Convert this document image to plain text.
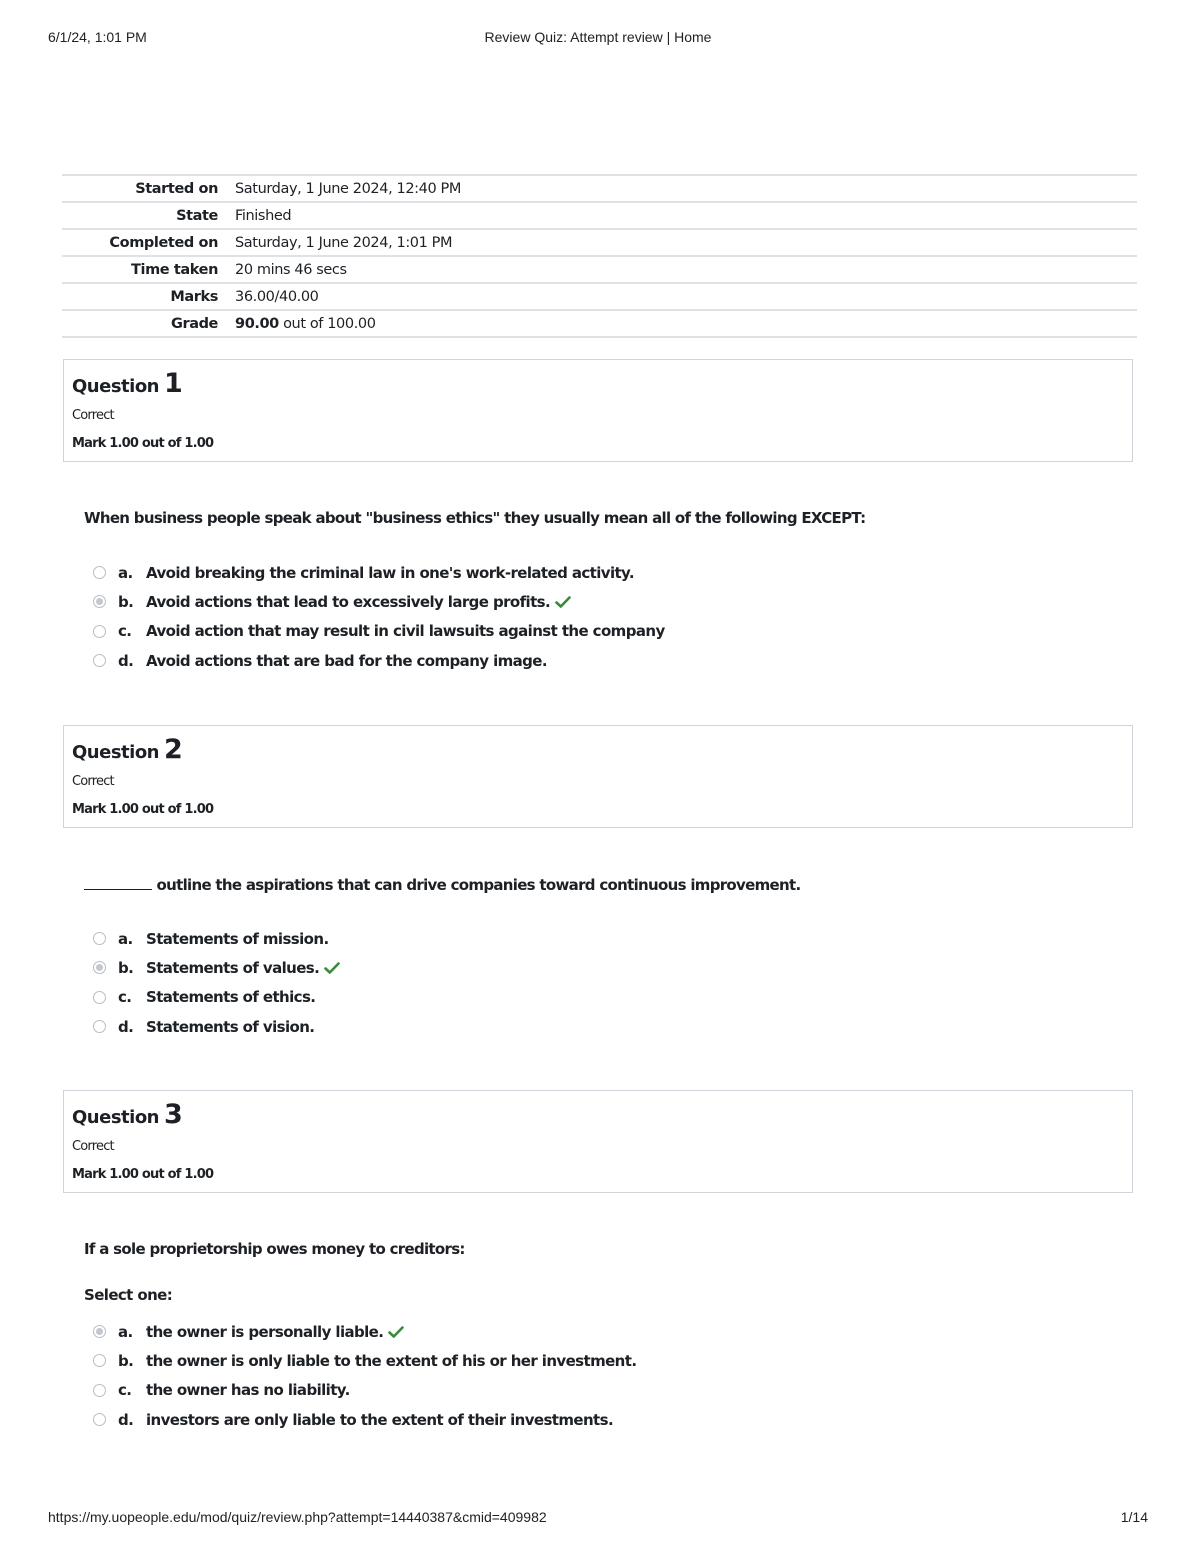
6/1/24, 1:01 PM	Review Quiz: Attempt review | Home
Started on	Saturday, 1 June 2024, 12:40 PM
State	Finished
Completed on	Saturday, 1 June 2024, 1:01 PM
Time taken	20 mins 46 secs
Marks	36.00/40.00
Grade	90.00 out of 100.00
Question 1
Correct
Mark 1.00 out of 1.00
When business people speak about "business ethics" they usually mean all of the following EXCEPT:
a. Avoid breaking the criminal law in one's work-related activity.
b. Avoid actions that lead to excessively large profits.
c. Avoid action that may result in civil lawsuits against the company
d. Avoid actions that are bad for the company image.
Question 2
Correct
Mark 1.00 out of 1.00
outline the aspirations that can drive companies toward continuous improvement.
a. Statements of mission.
b. Statements of values.
c. Statements of ethics.
d. Statements of vision.
Question 3
Correct
Mark 1.00 out of 1.00
If a sole proprietorship owes money to creditors:
Select one:
a. the owner is personally liable.
b. the owner is only liable to the extent of his or her investment.
c. the owner has no liability.
d. investors are only liable to the extent of their investments.
https://my.uopeople.edu/mod/quiz/review.php?attempt=14440387&cmid=409982	1/14
